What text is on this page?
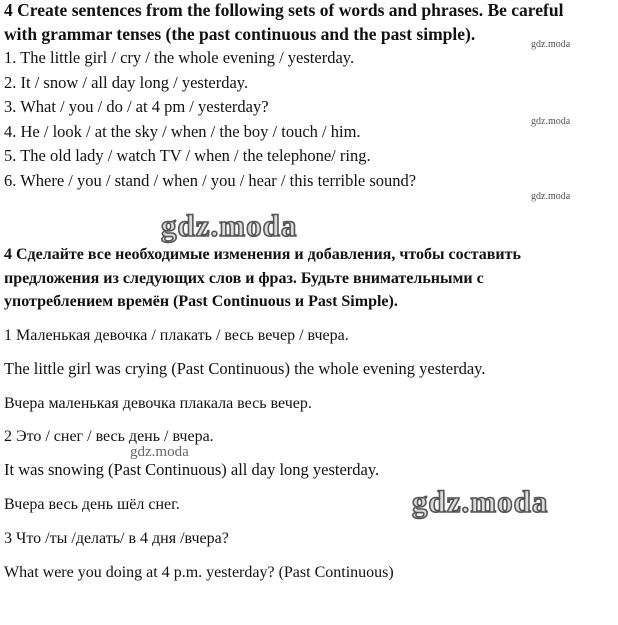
4 Create sentences from the following sets of words and phrases. Be careful
with grammar tenses (the past continuous and the past simple).
1. The little girl / cry / the whole evening / yesterday.
2. It / snow / all day long / yesterday.
3. What / you / do / at 4 pm / yesterday?
4. He / look / at the sky / when / the boy / touch / him.
5. The old lady / watch TV / when / the telephone/ ring.
6. Where / you / stand / when / you / hear / this terrible sound?
4 Сделайте все необходимые изменения и добавления, чтобы составить
предложения из следующих слов и фраз. Будьте внимательными с
употреблением времён (Past Continuous и Past Simple).
1 Маленькая девочка / плакать / весь вечер / вчера.
The little girl was crying (Past Continuous) the whole evening yesterday.
Вчера маленькая девочка плакала весь вечер.
2 Это / снег / весь день / вчера.
It was snowing (Past Continuous) all day long yesterday.
Вчера весь день шёл снег.
3 Что /ты /делать/ в 4 дня /вчера?
What were you doing at 4 p.m. yesterday? (Past Continuous)
gdz.moda
gdz.moda
gdz.moda
gdz.moda
gdz.moda
gdz.moda
